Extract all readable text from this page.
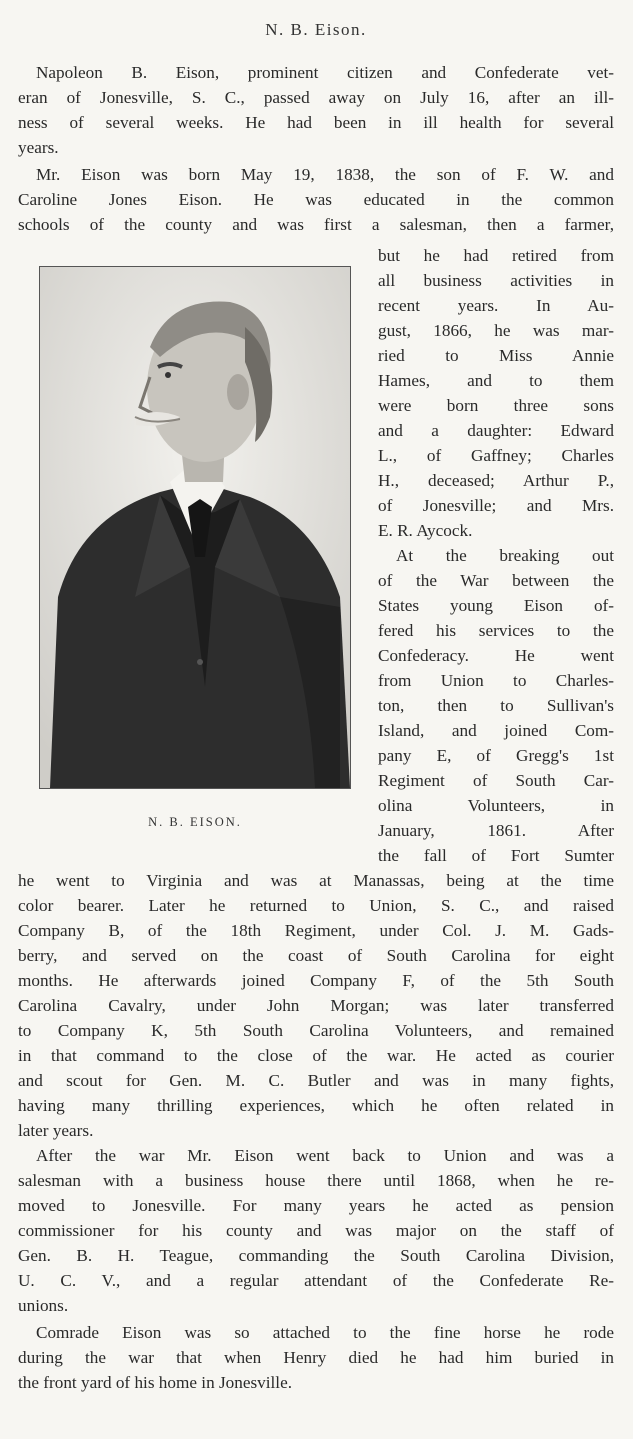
N. B. Eison.
Napoleon B. Eison, prominent citizen and Confederate vet-
eran of Jonesville, S. C., passed away on July 16, after an ill-
ness of several weeks. He had been in ill health for several
years.
Mr. Eison was born May 19, 1838, the son of F. W. and
Caroline Jones Eison. He was educated in the common
schools of the county and was first a salesman, then a farmer,
N. B. EISON.
but he had retired from
all business activities in
recent years. In Au-
gust, 1866, he was mar-
ried to Miss Annie
Hames, and to them
were born three sons
and a daughter: Edward
L., of Gaffney; Charles
H., deceased; Arthur P.,
of Jonesville; and Mrs.
E. R. Aycock.
At the breaking out
of the War between the
States young Eison of-
fered his services to the
Confederacy. He went
from Union to Charles-
ton, then to Sullivan's
Island, and joined Com-
pany E, of Gregg's 1st
Regiment of South Car-
olina Volunteers, in
January, 1861. After
the fall of Fort Sumter
he went to Virginia and was at Manassas, being at the time
color bearer. Later he returned to Union, S. C., and raised
Company B, of the 18th Regiment, under Col. J. M. Gads-
berry, and served on the coast of South Carolina for eight
months. He afterwards joined Company F, of the 5th South
Carolina Cavalry, under John Morgan; was later transferred
to Company K, 5th South Carolina Volunteers, and remained
in that command to the close of the war. He acted as courier
and scout for Gen. M. C. Butler and was in many fights,
having many thrilling experiences, which he often related in
later years.
After the war Mr. Eison went back to Union and was a
salesman with a business house there until 1868, when he re-
moved to Jonesville. For many years he acted as pension
commissioner for his county and was major on the staff of
Gen. B. H. Teague, commanding the South Carolina Division,
U. C. V., and a regular attendant of the Confederate Re-
unions.
Comrade Eison was so attached to the fine horse he rode
during the war that when Henry died he had him buried in
the front yard of his home in Jonesville.
